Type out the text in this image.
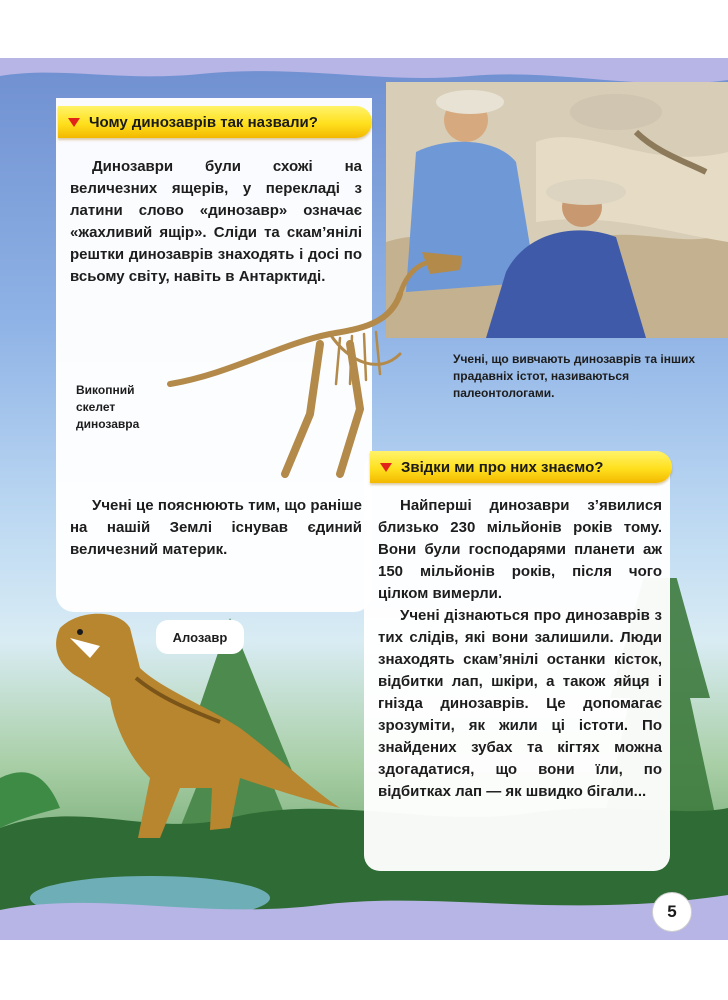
Чому динозаврів так назвали?
Динозаври були схожі на величезних ящерів, у перекладі з латини слово «динозавр» означає «жахливий ящір». Сліди та скам’янілі рештки динозаврів знаходять і досі по всьому світу, навіть в Антарктиді.
Викопний скелет динозавра
Учені, що вивчають динозаврів та інших прадавніх істот, називаються палеонтологами.
Учені це пояснюють тим, що раніше на нашій Землі існував єдиний величезний материк.
Звідки ми про них знаємо?
Найперші динозаври з’явилися близько 230 мільйонів років тому. Вони були господарями планети аж 150 мільйонів років, після чого цілком вимерли.
Учені дізнаються про динозаврів з тих слідів, які вони залишили. Люди знаходять скам’янілі останки кісток, відбитки лап, шкіри, а також яйця і гнізда динозаврів. Це допомагає зрозуміти, як жили ці істоти. По знайдених зубах та кігтях можна здогадатися, що вони їли, по відбитках лап — як швидко бігали...
Алозавр
5
